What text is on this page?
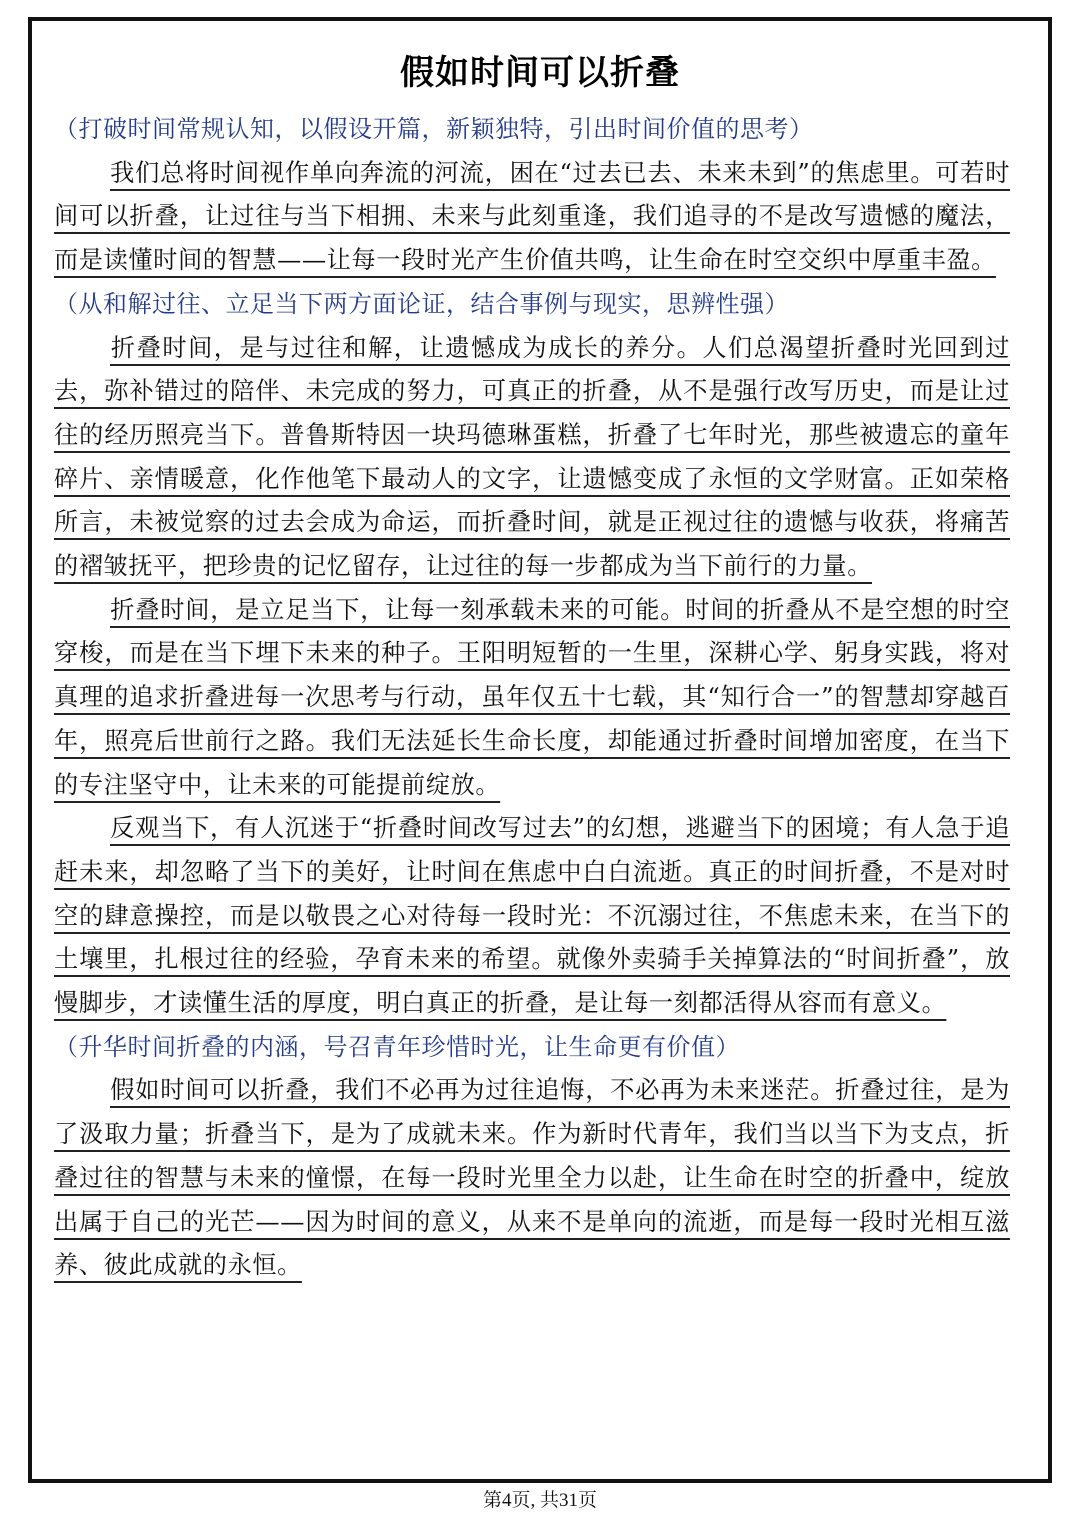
假如时间可以折叠

（打破时间常规认知，以假设开篇，新颖独特，引出时间价值的思考）

我们总将时间视作单向奔流的河流，困在“过去已去、未来未到”的焦虑里。可若时间可以折叠，让过往与当下相拥、未来与此刻重逢，我们追寻的不是改写遗憾的魔法，而是读懂时间的智慧——让每一段时光产生价值共鸣，让生命在时空交织中厚重丰盈。

（从和解过往、立足当下两方面论证，结合事例与现实，思辨性强）

折叠时间，是与过往和解，让遗憾成为成长的养分。人们总渴望折叠时光回到过去，弥补错过的陪伴、未完成的努力，可真正的折叠，从不是强行改写历史，而是让过往的经历照亮当下。普鲁斯特因一块玛德琳蛋糕，折叠了七年时光，那些被遗忘的童年碎片、亲情暖意，化作他笔下最动人的文字，让遗憾变成了永恒的文学财富。正如荣格所言，未被觉察的过去会成为命运，而折叠时间，就是正视过往的遗憾与收获，将痛苦的褶皱抚平，把珍贵的记忆留存，让过往的每一步都成为当下前行的力量。

折叠时间，是立足当下，让每一刻承载未来的可能。时间的折叠从不是空想的时空穿梭，而是在当下埋下未来的种子。王阳明短暂的一生里，深耕心学、躬身实践，将对真理的追求折叠进每一次思考与行动，虽年仅五十七载，其“知行合一”的智慧却穿越百年，照亮后世前行之路。我们无法延长生命长度，却能通过折叠时间增加密度，在当下的专注坚守中，让未来的可能提前绽放。

反观当下，有人沉迷于“折叠时间改写过去”的幻想，逃避当下的困境；有人急于追赶未来，却忽略了当下的美好，让时间在焦虑中白白流逝。真正的时间折叠，不是对时空的肆意操控，而是以敬畏之心对待每一段时光：不沉溺过往，不焦虑未来，在当下的土壤里，扎根过往的经验，孕育未来的希望。就像外卖骑手关掉算法的“时间折叠”，放慢脚步，才读懂生活的厚度，明白真正的折叠，是让每一刻都活得从容而有意义。

（升华时间折叠的内涵，号召青年珍惜时光，让生命更有价值）

假如时间可以折叠，我们不必再为过往追悔，不必再为未来迷茫。折叠过往，是为了汲取力量；折叠当下，是为了成就未来。作为新时代青年，我们当以当下为支点，折叠过往的智慧与未来的憧憬，在每一段时光里全力以赴，让生命在时空的折叠中，绽放出属于自己的光芒——因为时间的意义，从来不是单向的流逝，而是每一段时光相互滋养、彼此成就的永恒。

第4页, 共31页
